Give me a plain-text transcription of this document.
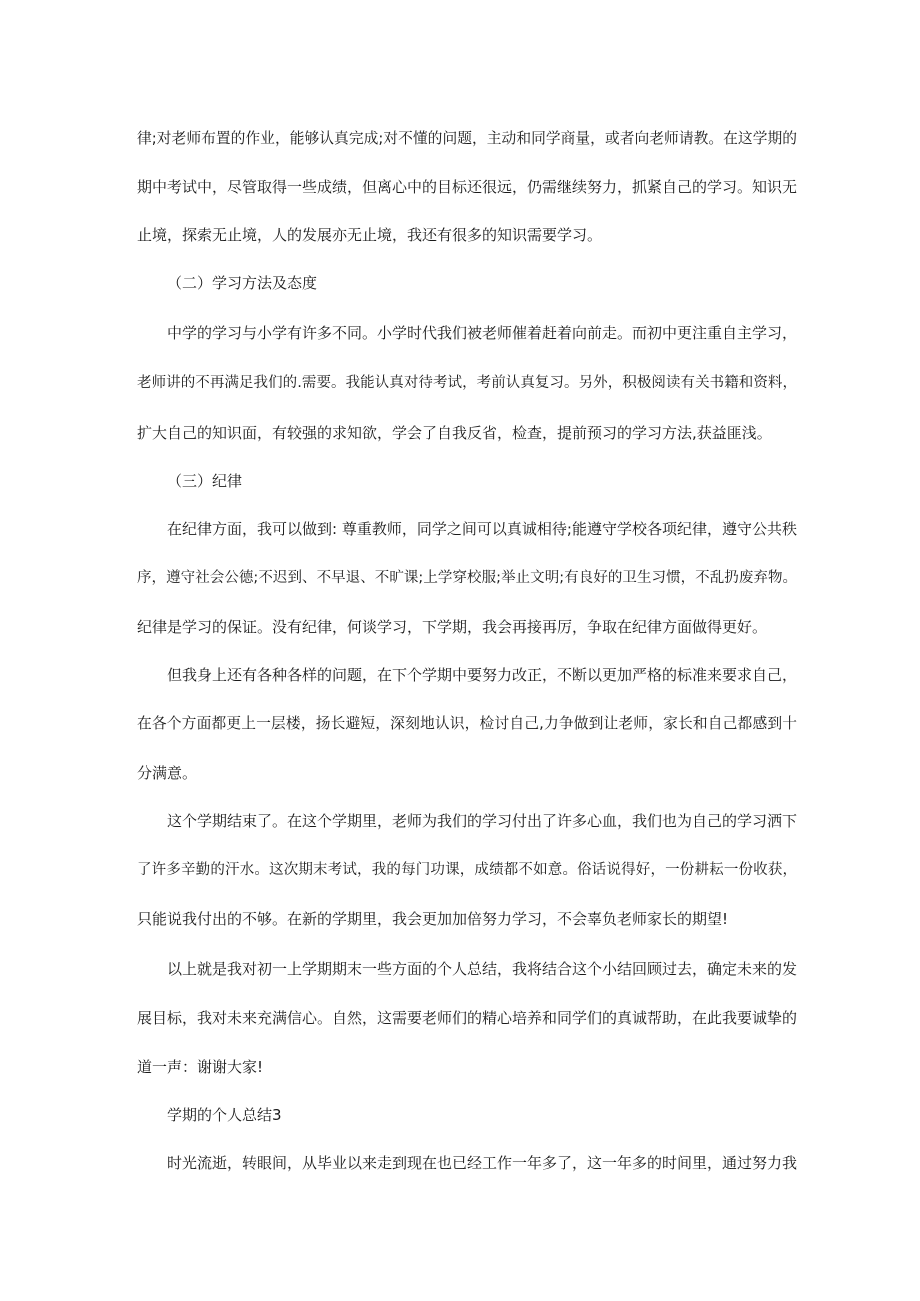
律;对老师布置的作业，能够认真完成;对不懂的问题，主动和同学商量，或者向老师请教。在这学期的
期中考试中，尽管取得一些成绩，但离心中的目标还很远，仍需继续努力，抓紧自己的学习。知识无
止境，探索无止境，人的发展亦无止境，我还有很多的知识需要学习。
（二）学习方法及态度
中学的学习与小学有许多不同。小学时代我们被老师催着赶着向前走。而初中更注重自主学习，
老师讲的不再满足我们的.需要。我能认真对待考试，考前认真复习。另外，积极阅读有关书籍和资料，
扩大自己的知识面，有较强的求知欲，学会了自我反省，检查，提前预习的学习方法,获益匪浅。
（三）纪律
在纪律方面，我可以做到: 尊重教师，同学之间可以真诚相待;能遵守学校各项纪律，遵守公共秩
序，遵守社会公德;不迟到、不早退、不旷课;上学穿校服;举止文明;有良好的卫生习惯，不乱扔废弃物。
纪律是学习的保证。没有纪律，何谈学习，下学期，我会再接再厉，争取在纪律方面做得更好。
但我身上还有各种各样的问题，在下个学期中要努力改正，不断以更加严格的标准来要求自己，
在各个方面都更上一层楼，扬长避短，深刻地认识，检讨自己,力争做到让老师，家长和自己都感到十
分满意。
这个学期结束了。在这个学期里，老师为我们的学习付出了许多心血，我们也为自己的学习洒下
了许多辛勤的汗水。这次期末考试，我的每门功课，成绩都不如意。俗话说得好，一份耕耘一份收获，
只能说我付出的不够。在新的学期里，我会更加加倍努力学习，不会辜负老师家长的期望!
以上就是我对初一上学期期末一些方面的个人总结，我将结合这个小结回顾过去，确定未来的发
展目标，我对未来充满信心。自然，这需要老师们的精心培养和同学们的真诚帮助，在此我要诚挚的
道一声：谢谢大家!
学期的个人总结3
时光流逝，转眼间，从毕业以来走到现在也已经工作一年多了，这一年多的时间里，通过努力我
